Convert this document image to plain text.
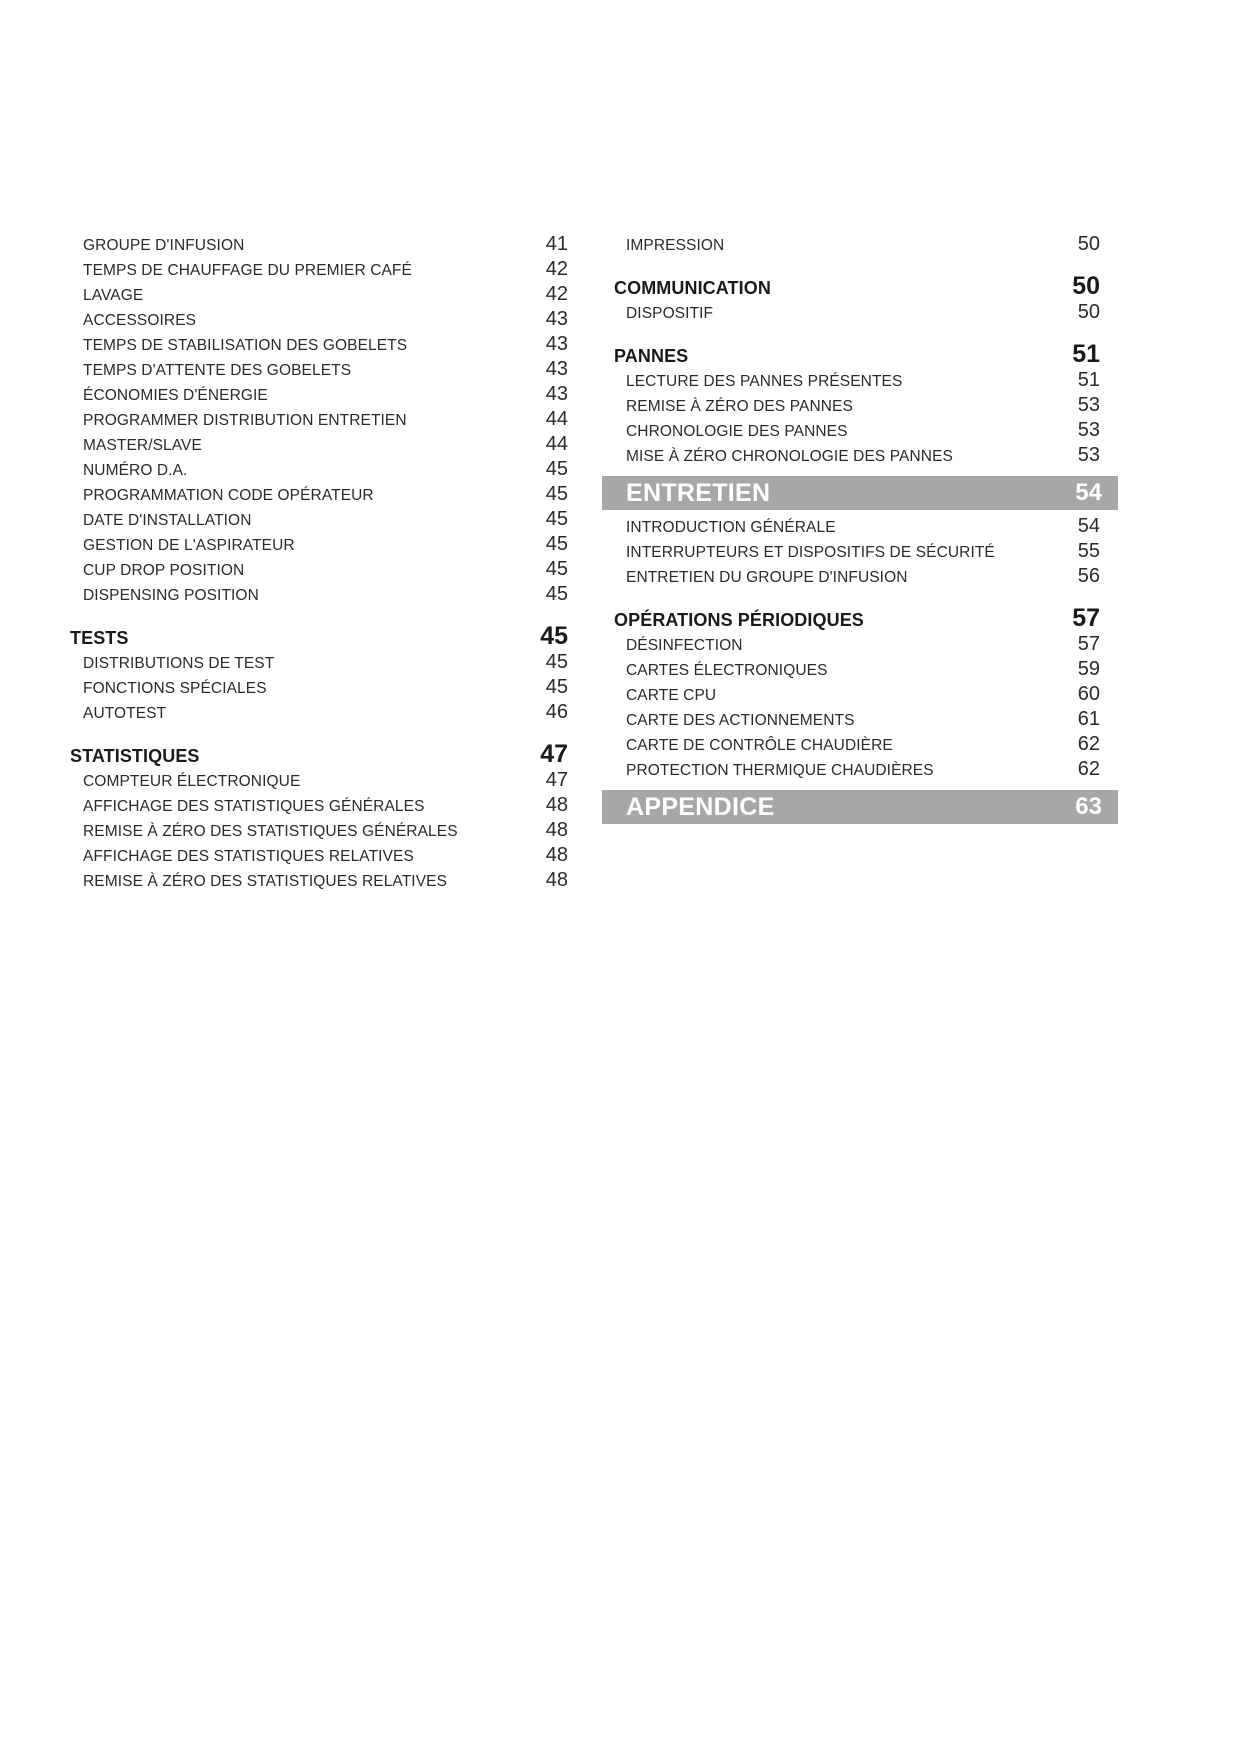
GROUPE D'INFUSION	41
TEMPS DE CHAUFFAGE DU PREMIER CAFÉ	42
LAVAGE	42
ACCESSOIRES	43
TEMPS DE STABILISATION DES GOBELETS	43
TEMPS D'ATTENTE DES GOBELETS	43
ÉCONOMIES D'ÉNERGIE	43
PROGRAMMER DISTRIBUTION ENTRETIEN	44
MASTER/SLAVE	44
NUMÉRO D.A.	45
PROGRAMMATION CODE OPÉRATEUR	45
DATE D'INSTALLATION	45
GESTION DE L'ASPIRATEUR	45
CUP DROP POSITION	45
DISPENSING POSITION	45
TESTS	45
DISTRIBUTIONS DE TEST	45
FONCTIONS SPÉCIALES	45
AUTOTEST	46
STATISTIQUES	47
COMPTEUR ÉLECTRONIQUE	47
AFFICHAGE DES STATISTIQUES GÉNÉRALES	48
REMISE À ZÉRO DES STATISTIQUES GÉNÉRALES	48
AFFICHAGE DES STATISTIQUES RELATIVES	48
REMISE À ZÉRO DES STATISTIQUES RELATIVES	48
IMPRESSION	50
COMMUNICATION	50
DISPOSITIF	50
PANNES	51
LECTURE DES PANNES PRÉSENTES	51
REMISE À ZÉRO DES PANNES	53
CHRONOLOGIE DES PANNES	53
MISE À ZÉRO CHRONOLOGIE DES PANNES	53
ENTRETIEN	54
INTRODUCTION GÉNÉRALE	54
INTERRUPTEURS ET DISPOSITIFS DE SÉCURITÉ	55
ENTRETIEN DU GROUPE D'INFUSION	56
OPÉRATIONS PÉRIODIQUES	57
DÉSINFECTION	57
CARTES ÉLECTRONIQUES	59
CARTE CPU	60
CARTE DES ACTIONNEMENTS	61
CARTE DE CONTRÔLE CHAUDIÈRE	62
PROTECTION THERMIQUE CHAUDIÈRES	62
APPENDICE	63
